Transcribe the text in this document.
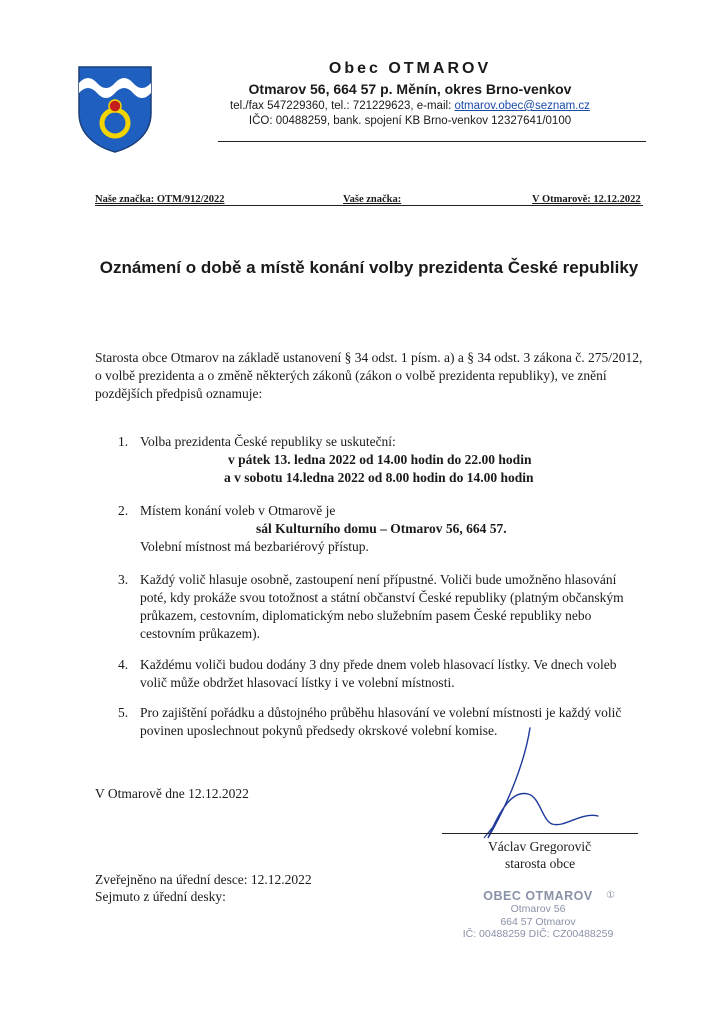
Obec OTMAROV
Otmarov 56, 664 57 p. Měnín, okres Brno-venkov
tel./fax 547229360, tel.: 721229623, e-mail: otmarov.obec@seznam.cz
IČO: 00488259, bank. spojení KB Brno-venkov 12327641/0100
Naše značka: OTM/912/2022	Vaše značka:	V Otmarově: 12.12.2022
Oznámení o době a místě konání volby prezidenta České republiky
Starosta obce Otmarov na základě ustanovení § 34 odst. 1 písm. a) a § 34 odst. 3 zákona č. 275/2012, o volbě prezidenta a o změně některých zákonů (zákon o volbě prezidenta republiky), ve znění pozdějších předpisů oznamuje:
1. Volba prezidenta České republiky se uskuteční:
v pátek 13. ledna 2022 od 14.00 hodin do 22.00 hodin
a v sobotu 14.ledna 2022 od 8.00 hodin do 14.00 hodin
2. Místem konání voleb v Otmarově je
sál Kulturního domu – Otmarov 56, 664 57.
Volební místnost má bezbariérový přístup.
3. Každý volič hlasuje osobně, zastoupení není přípustné. Voliči bude umožněno hlasování poté, kdy prokáže svou totožnost a státní občanství České republiky (platným občanským průkazem, cestovním, diplomatickým nebo služebním pasem České republiky nebo cestovním průkazem).
4. Každému voliči budou dodány 3 dny přede dnem voleb hlasovací lístky. Ve dnech voleb volič může obdržet hlasovací lístky i ve volební místnosti.
5. Pro zajištění pořádku a důstojného průběhu hlasování ve volební místnosti je každý volič povinen uposlechnout pokynů předsedy okrskové volební komise.
V Otmarově dne 12.12.2022
Václav Gregorovič
starosta obce
Zveřejněno na úřední desce: 12.12.2022
Sejmuto z úřední desky:	OBEC OTMAROV	①
Otmarov 56
664 57 Otmarov
IČ: 00488259 DIČ: CZ00488259
